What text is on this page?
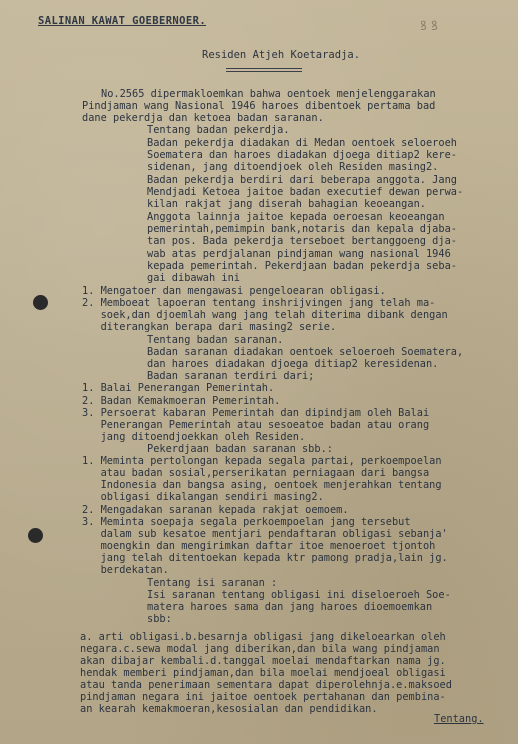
SALINAN KAWAT GOEBERNOER.	ꝸ ꝸ
Residen Atjeh Koetaradja.
No.2565 dipermakloemkan bahwa oentoek menjelenggarakan
Pindjaman wang Nasional 1946 haroes dibentoek pertama bad
dane pekerdja dan ketoea badan saranan.
Tentang badan pekerdja.
Badan pekerdja diadakan di Medan oentoek seloeroeh
Soematera dan haroes diadakan djoega ditiap2 kere-
sidenan, jang ditoendjoek oleh Residen masing2.
Badan pekerdja berdiri dari beberapa anggota. Jang
Mendjadi Ketoea jaitoe badan executief dewan perwa-
kilan rakjat jang diserah bahagian keoeangan.
Anggota lainnja jaitoe kepada oeroesan keoeangan
pemerintah,pemimpin bank,notaris dan kepala djaba-
tan pos. Bada pekerdja terseboet bertanggoeng dja-
wab atas perdjalanan pindjaman wang nasional 1946
kepada pemerintah. Pekerdjaan badan pekerdja seba-
gai dibawah ini
1. Mengatoer dan mengawasi pengeloearan obligasi.
2. Memboeat lapoeran tentang inshrijvingen jang telah ma-
soek,dan djoemlah wang jang telah diterima dibank dengan
diterangkan berapa dari masing2 serie.
Tentang badan saranan.
Badan saranan diadakan oentoek seloeroeh Soematera,
dan haroes diadakan djoega ditiap2 keresidenan.
Badan saranan terdiri dari;
1. Balai Penerangan Pemerintah.
2. Badan Kemakmoeran Pemerintah.
3. Persoerat kabaran Pemerintah dan dipindjam oleh Balai
Penerangan Pemerintah atau sesoeatoe badan atau orang
jang ditoendjoekkan oleh Residen.
Pekerdjaan badan saranan sbb.:
1. Meminta pertolongan kepada segala partai, perkoempoelan
atau badan sosial,perserikatan perniagaan dari bangsa
Indonesia dan bangsa asing, oentoek menjerahkan tentang
obligasi dikalangan sendiri masing2.
2. Mengadakan saranan kepada rakjat oemoem.
3. Meminta soepaja segala perkoempoelan jang tersebut
dalam sub kesatoe mentjari pendaftaran obligasi sebanja'
moengkin dan mengirimkan daftar itoe menoeroet tjontoh
jang telah ditentoekan kepada ktr pamong pradja,lain jg.
berdekatan.
Tentang isi saranan :
Isi saranan tentang obligasi ini diseloeroeh Soe-
matera haroes sama dan jang haroes dioemoemkan
sbb:
a. arti obligasi.b.besarnja obligasi jang dikeloearkan oleh
negara.c.sewa modal jang diberikan,dan bila wang pindjaman
akan dibajar kembali.d.tanggal moelai mendaftarkan nama jg.
hendak memberi pindjaman,dan bila moelai mendjoeal obligasi
atau tanda penerimaan sementara dapat diperolehnja.e.maksoed
pindjaman negara ini jaitoe oentoek pertahanan dan pembina-
an kearah kemakmoeran,kesosialan dan pendidikan.
Tentang.
